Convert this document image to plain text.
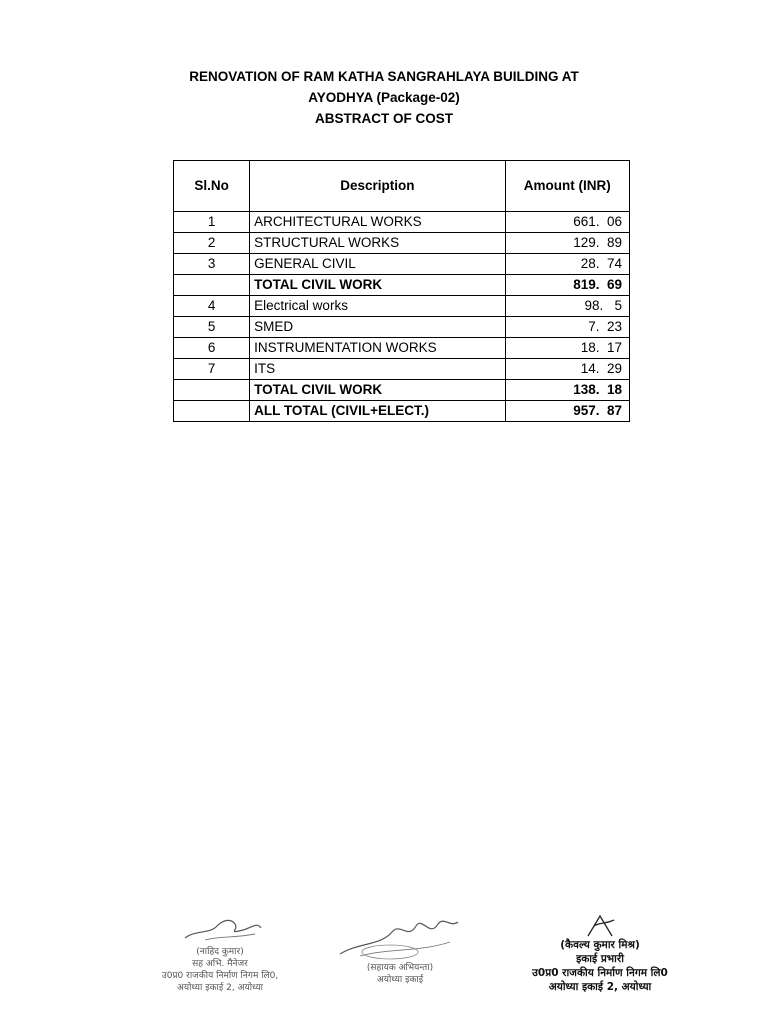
RENOVATION OF RAM KATHA SANGRAHLAYA BUILDING AT
AYODHYA (Package-02)
ABSTRACT OF COST
Sl.No	Description	Amount (INR)
1	ARCHITECTURAL WORKS	661.  06
2	STRUCTURAL WORKS	129.  89
3	GENERAL CIVIL	28.  74
	TOTAL CIVIL WORK	819.  69
4	Electrical works	98.   5
5	SMED	7.  23
6	INSTRUMENTATION WORKS	18.  17
7	ITS	14.  29
	TOTAL CIVIL WORK	138.  18
	ALL TOTAL (CIVIL+ELECT.)	957.  87
(नाहिद कुमार)
सह अभि. मैनेजर
उ0प्र0 राजकीय निर्माण निगम लि0,
अयोध्या इकाई 2, अयोध्या
(सहायक अभियन्ता)
अयोध्या इकाई
(कैवल्य कुमार मिश्र)
इकाई प्रभारी
उ0प्र0 राजकीय निर्माण निगम लि0
अयोध्या इकाई 2, अयोध्या
